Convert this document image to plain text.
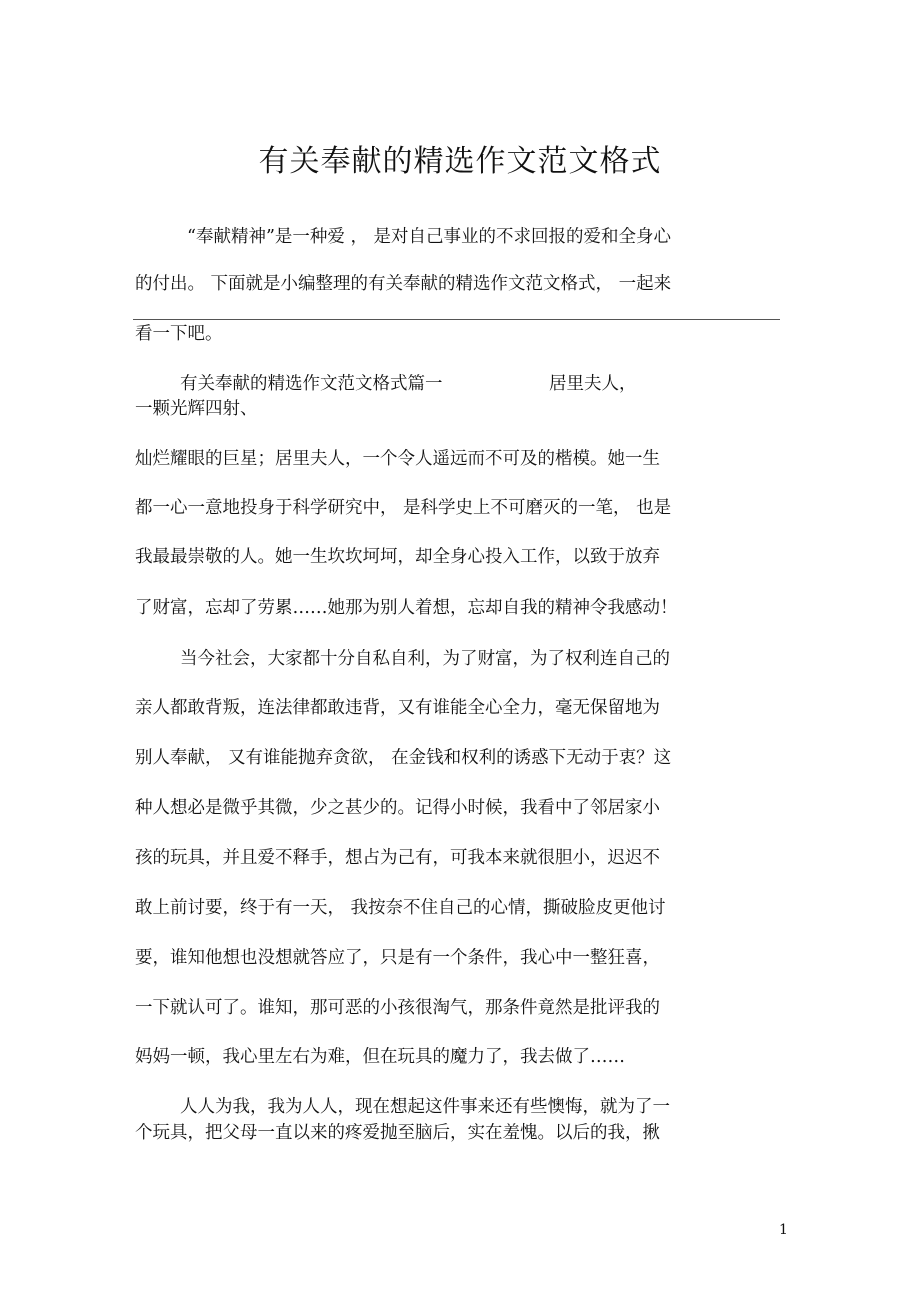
有关奉献的精选作文范文格式
“奉献精神”是一种爱 ， 是对自己事业的不求回报的爱和全身心
的付出。 下面就是小编整理的有关奉献的精选作文范文格式， 一起来
看一下吧。
有关奉献的精选作文范文格式篇一	居里夫人，
一颗光辉四射、
灿烂耀眼的巨星；居里夫人，一个令人遥远而不可及的楷模。她一生
都一心一意地投身于科学研究中， 是科学史上不可磨灭的一笔， 也是
我最最崇敬的人。她一生坎坎坷坷，却全身心投入工作，以致于放弃
了财富，忘却了劳累……她那为别人着想，忘却自我的精神令我感动！
当今社会，大家都十分自私自利，为了财富，为了权利连自己的
亲人都敢背叛，连法律都敢违背，又有谁能全心全力，毫无保留地为
别人奉献， 又有谁能抛弃贪欲， 在金钱和权利的诱惑下无动于衷？这
种人想必是微乎其微，少之甚少的。记得小时候，我看中了邻居家小
孩的玩具，并且爱不释手，想占为己有，可我本来就很胆小，迟迟不
敢上前讨要，终于有一天， 我按奈不住自己的心情，撕破脸皮更他讨
要，谁知他想也没想就答应了，只是有一个条件，我心中一整狂喜，
一下就认可了。谁知，那可恶的小孩很淘气，那条件竟然是批评我的
妈妈一顿，我心里左右为难，但在玩具的魔力了，我去做了……
人人为我，我为人人，现在想起这件事来还有些懊悔，就为了一
个玩具，把父母一直以来的疼爱抛至脑后，实在羞愧。以后的我，揪
1
